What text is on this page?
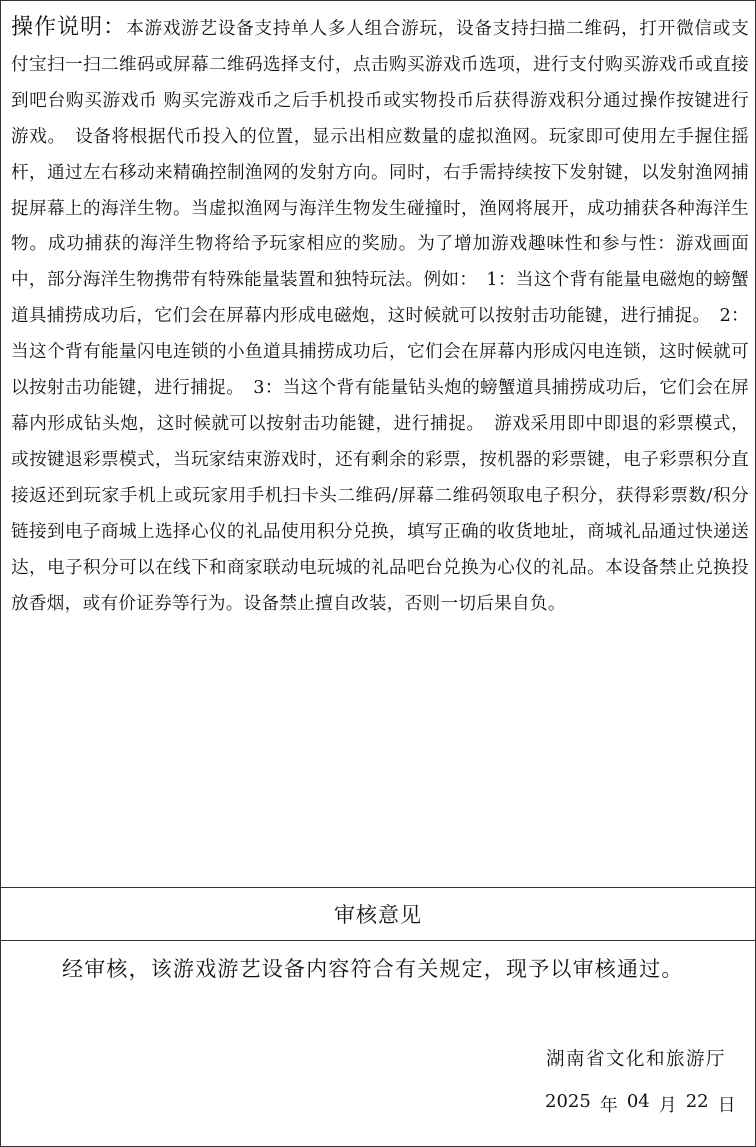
操作说明：本游戏游艺设备支持单人多人组合游玩，设备支持扫描二维码，打开微信或支付宝扫一扫二维码或屏幕二维码选择支付，点击购买游戏币选项，进行支付购买游戏币或直接到吧台购买游戏币 购买完游戏币之后手机投币或实物投币后获得游戏积分通过操作按键进行游戏。　设备将根据代币投入的位置，显示出相应数量的虚拟渔网。玩家即可使用左手握住摇杆，通过左右移动来精确控制渔网的发射方向。同时，右手需持续按下发射键，以发射渔网捕捉屏幕上的海洋生物。当虚拟渔网与海洋生物发生碰撞时，渔网将展开，成功捕获各种海洋生物。成功捕获的海洋生物将给予玩家相应的奖励。为了增加游戏趣味性和参与性：游戏画面中，部分海洋生物携带有特殊能量装置和独特玩法。例如：　1：当这个背有能量电磁炮的螃蟹道具捕捞成功后，它们会在屏幕内形成电磁炮，这时候就可以按射击功能键，进行捕捉。　2：当这个背有能量闪电连锁的小鱼道具捕捞成功后，它们会在屏幕内形成闪电连锁，这时候就可以按射击功能键，进行捕捉。　3：当这个背有能量钻头炮的螃蟹道具捕捞成功后，它们会在屏幕内形成钻头炮，这时候就可以按射击功能键，进行捕捉。　游戏采用即中即退的彩票模式，或按键退彩票模式，当玩家结束游戏时，还有剩余的彩票，按机器的彩票键，电子彩票积分直接返还到玩家手机上或玩家用手机扫卡头二维码/屏幕二维码领取电子积分，获得彩票数/积分链接到电子商城上选择心仪的礼品使用积分兑换，填写正确的收货地址，商城礼品通过快递送达，电子积分可以在线下和商家联动电玩城的礼品吧台兑换为心仪的礼品。本设备禁止兑换投放香烟，或有价证券等行为。设备禁止擅自改装，否则一切后果自负。
审核意见
经审核，该游戏游艺设备内容符合有关规定，现予以审核通过。
湖南省文化和旅游厅
2025 年 04 月 22 日
